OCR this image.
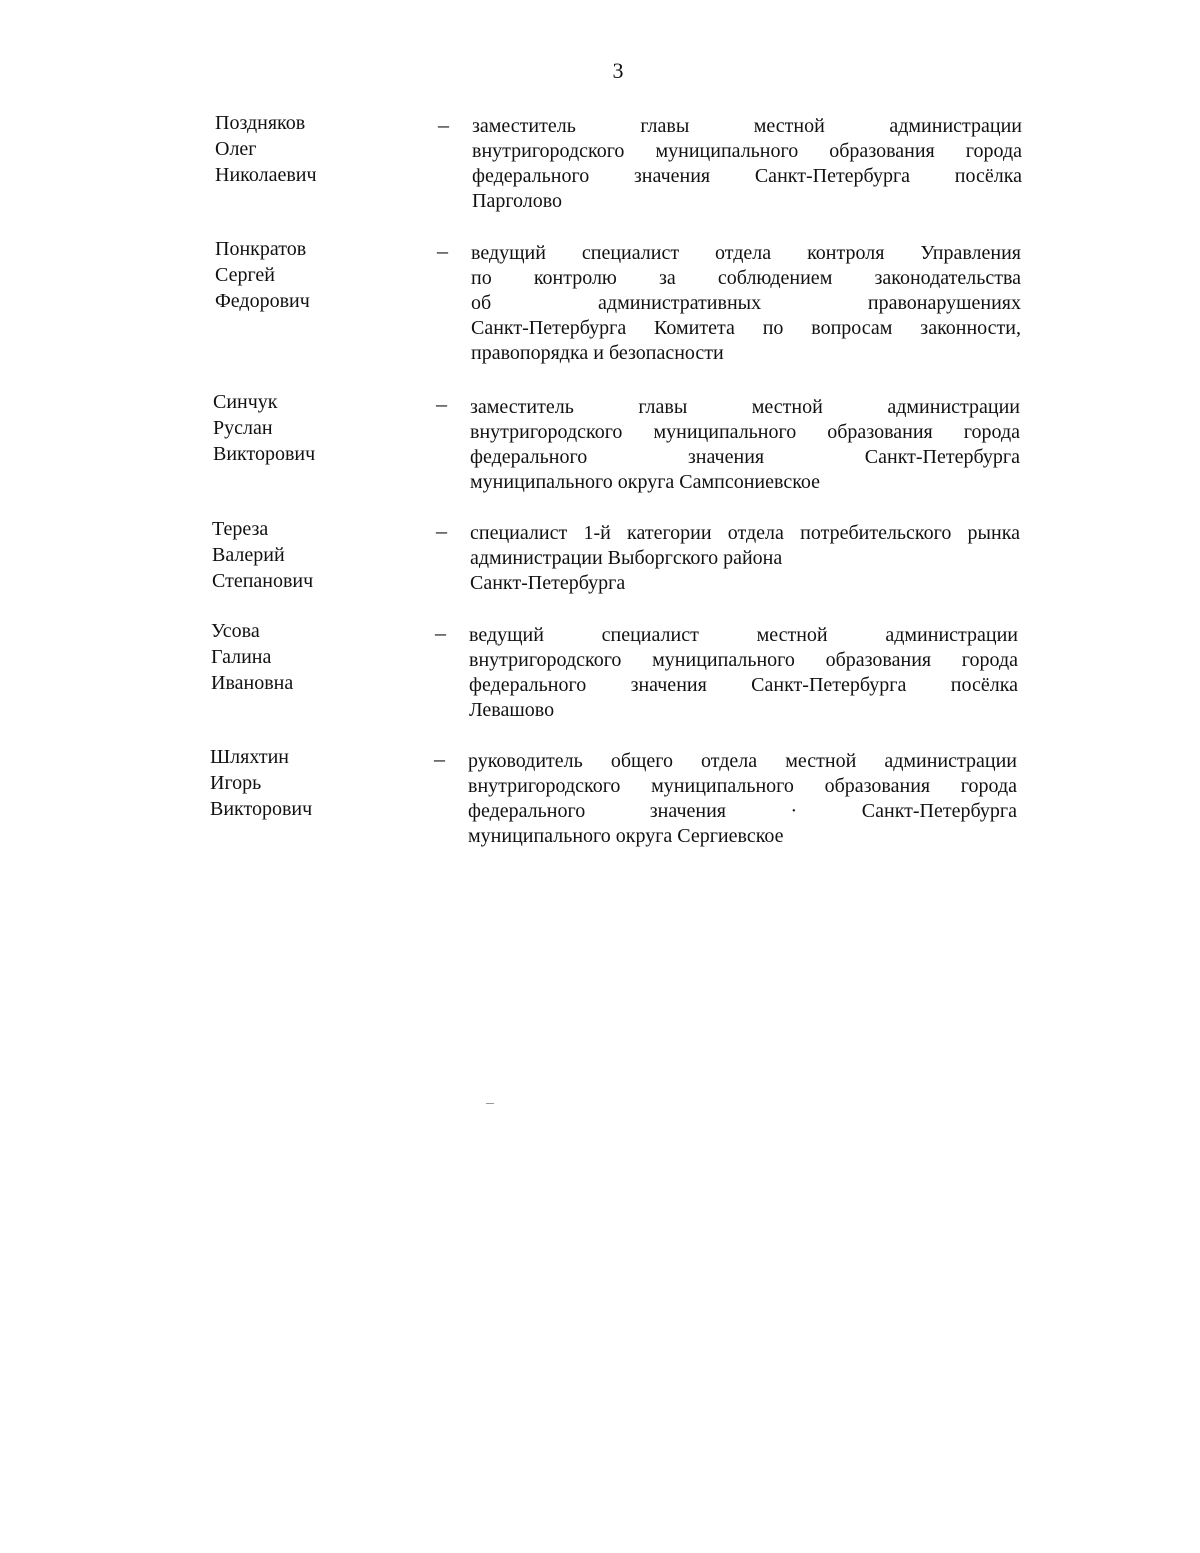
3
Поздняков
Олег
Николаевич
– заместитель главы местной администрации
внутригородского муниципального образования города
федерального значения Санкт-Петербурга посёлка
Парголово
Понкратов
Сергей
Федорович
– ведущий специалист отдела контроля Управления
по контролю за соблюдением законодательства
об административных правонарушениях
Санкт-Петербурга Комитета по вопросам законности,
правопорядка и безопасности
Синчук
Руслан
Викторович
– заместитель главы местной администрации
внутригородского муниципального образования города
федерального значения Санкт-Петербурга
муниципального округа Сампсониевское
Тереза
Валерий
Степанович
– специалист 1-й категории отдела потребительского рынка
администрации Выборгского района
Санкт-Петербурга
Усова
Галина
Ивановна
– ведущий специалист местной администрации
внутригородского муниципального образования города
федерального значения Санкт-Петербурга посёлка
Левашово
Шляхтин
Игорь
Викторович
– руководитель общего отдела местной администрации
внутригородского муниципального образования города
федерального значения · Санкт-Петербурга
муниципального округа Сергиевское
